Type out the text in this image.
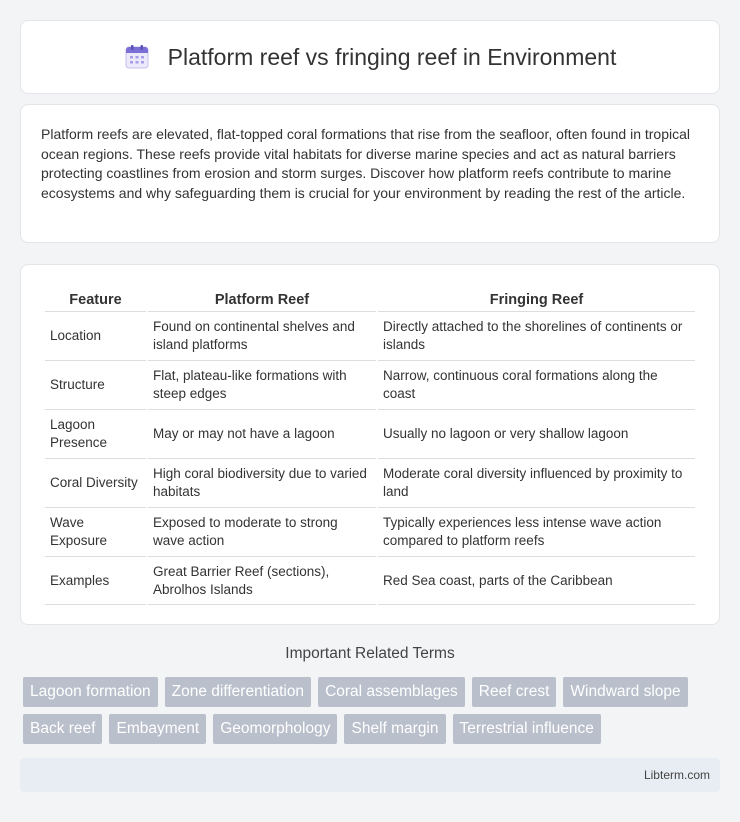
Platform reef vs fringing reef in Environment

Platform reefs are elevated, flat-topped coral formations that rise from the seafloor, often found in tropical ocean regions. These reefs provide vital habitats for diverse marine species and act as natural barriers protecting coastlines from erosion and storm surges. Discover how platform reefs contribute to marine ecosystems and why safeguarding them is crucial for your environment by reading the rest of the article.

Feature	Platform Reef	Fringing Reef
Location	Found on continental shelves and island platforms	Directly attached to the shorelines of continents or islands
Structure	Flat, plateau-like formations with steep edges	Narrow, continuous coral formations along the coast
Lagoon Presence	May or may not have a lagoon	Usually no lagoon or very shallow lagoon
Coral Diversity	High coral biodiversity due to varied habitats	Moderate coral diversity influenced by proximity to land
Wave Exposure	Exposed to moderate to strong wave action	Typically experiences less intense wave action compared to platform reefs
Examples	Great Barrier Reef (sections), Abrolhos Islands	Red Sea coast, parts of the Caribbean
Important Related Terms
Lagoon formation	Zone differentiation	Coral assemblages	Reef crest	Windward slope
Back reef	Embayment	Geomorphology	Shelf margin	Terrestrial influence
Libterm.com
